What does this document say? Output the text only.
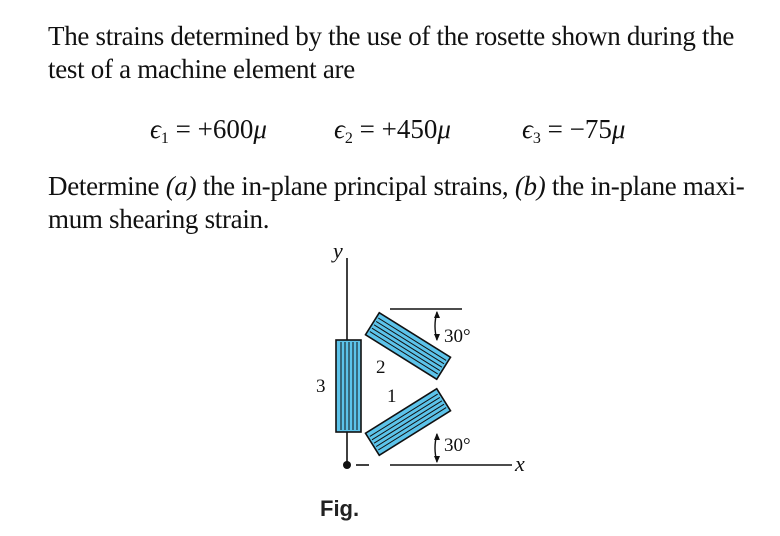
The strains determined by the use of the rosette shown during the test of a machine element are

$\epsilon_1 = +600\mu$ $\epsilon_2 = +450\mu$	$\epsilon_3 = -75\mu$

Determine (a) the in-plane principal strains, (b) the in-plane maxi- mum shearing strain.

y
x
30°
30°
3
2
1
Fig.
